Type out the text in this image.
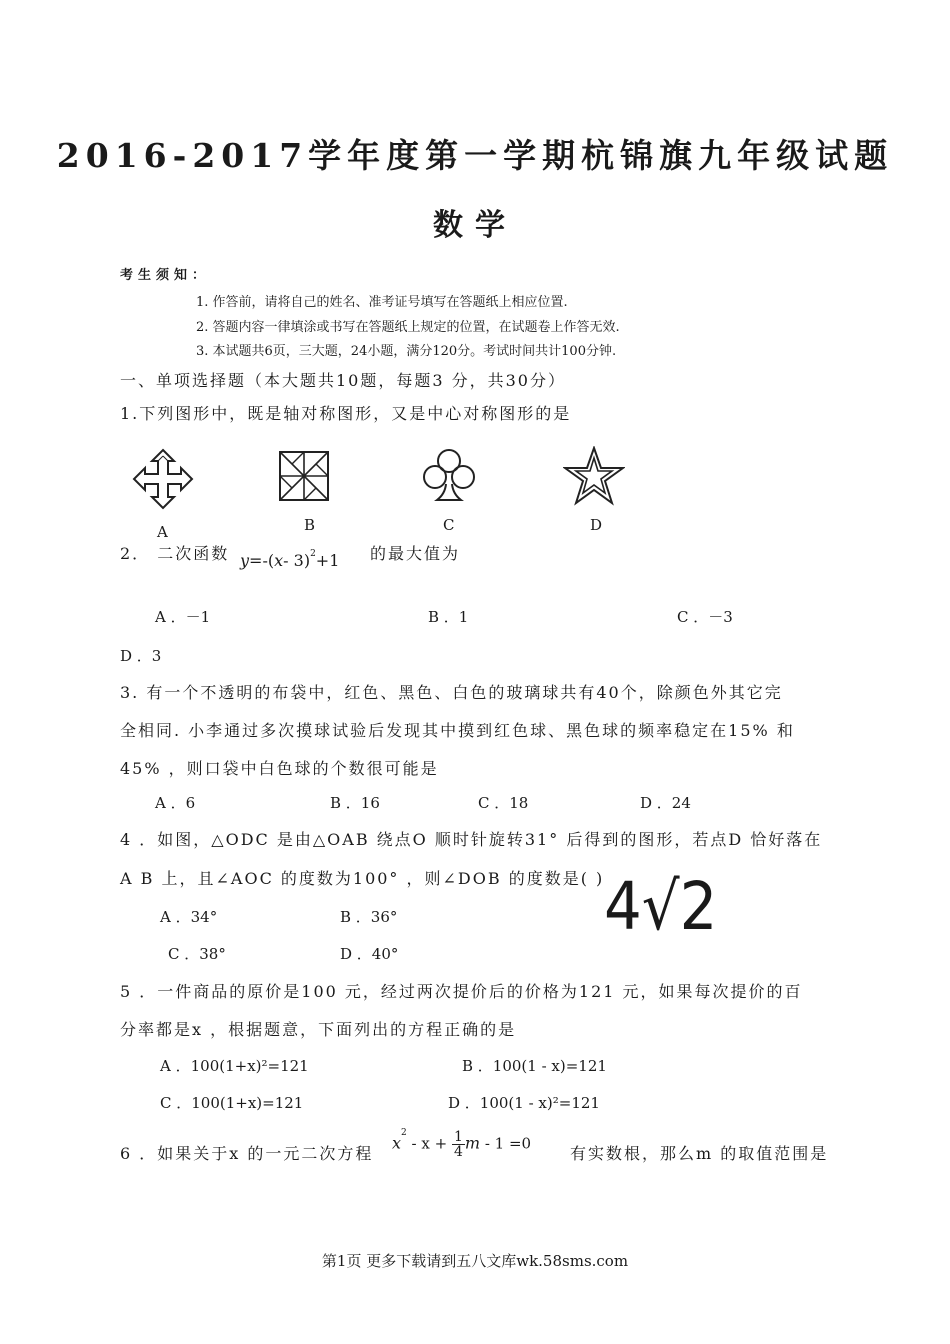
2016-2017学年度第一学期杭锦旗九年级试题
数学
考生须知：
1. 作答前，请将自己的姓名、准考证号填写在答题纸上相应位置.
2. 答题内容一律填涂或书写在答题纸上规定的位置，在试题卷上作答无效.
3. 本试题共6页，三大题，24小题，满分120分。考试时间共计100分钟.
一、单项选择题（本大题共10题，每题3 分，共30分）
1.下列图形中，既是轴对称图形，又是中心对称图形的是
A	B	C	D
2． 二次函数 y=-(x- 3)$^2$+1 的最大值为
A ．－1	B ．1	C ．－3
D ．3
3. 有一个不透明的布袋中，红色、黑色、白色的玻璃球共有40个，除颜色外其它完
全相同. 小李通过多次摸球试验后发现其中摸到红色球、黑色球的频率稳定在15% 和
45% ，则口袋中白色球的个数很可能是
A ．6	B ．16	C ．18	D ．24
4 ．如图，△ODC 是由△OAB 绕点O 顺时针旋转31° 后得到的图形，若点D 恰好落在
A B 上，且∠AOC 的度数为100° ，则∠DOB 的度数是( )
A ．34°	B ．36°
C ．38°	D ．40°
4√2
5 ．一件商品的原价是100 元，经过两次提价后的价格为121 元，如果每次提价的百
分率都是x ，根据题意，下面列出的方程正确的是
A ．100(1+x)²=121	B ．100(1 - x)=121
C ．100(1+x)=121	D ．100(1 - x)²=121
6 ．如果关于x 的一元二次方程
$x^2 - x + \frac{1}{4}$ m - 1 =0
有实数根，那么m 的取值范围是
第1页 更多下载请到五八文库wk.58sms.com
